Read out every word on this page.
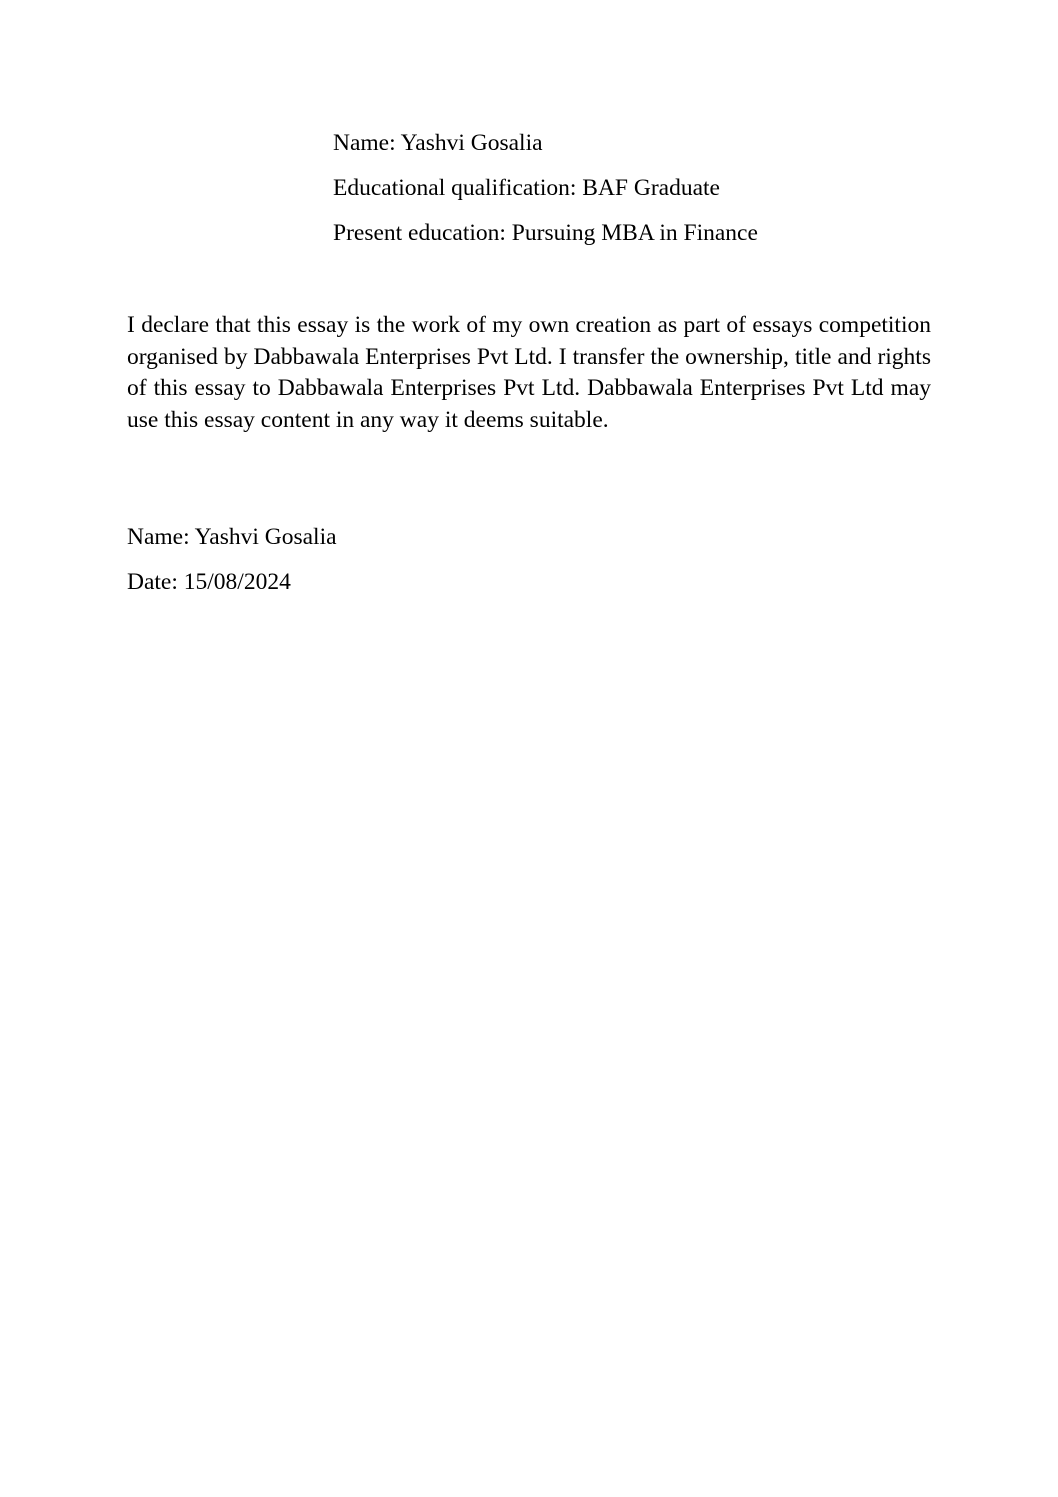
Name: Yashvi Gosalia
Educational qualification: BAF Graduate
Present education: Pursuing MBA in Finance

I declare that this essay is the work of my own creation as part of essays competition organised by Dabbawala Enterprises Pvt Ltd. I transfer the ownership, title and rights of this essay to Dabbawala Enterprises Pvt Ltd. Dabbawala Enterprises Pvt Ltd may use this essay content in any way it deems suitable.

Name: Yashvi Gosalia
Date: 15/08/2024
